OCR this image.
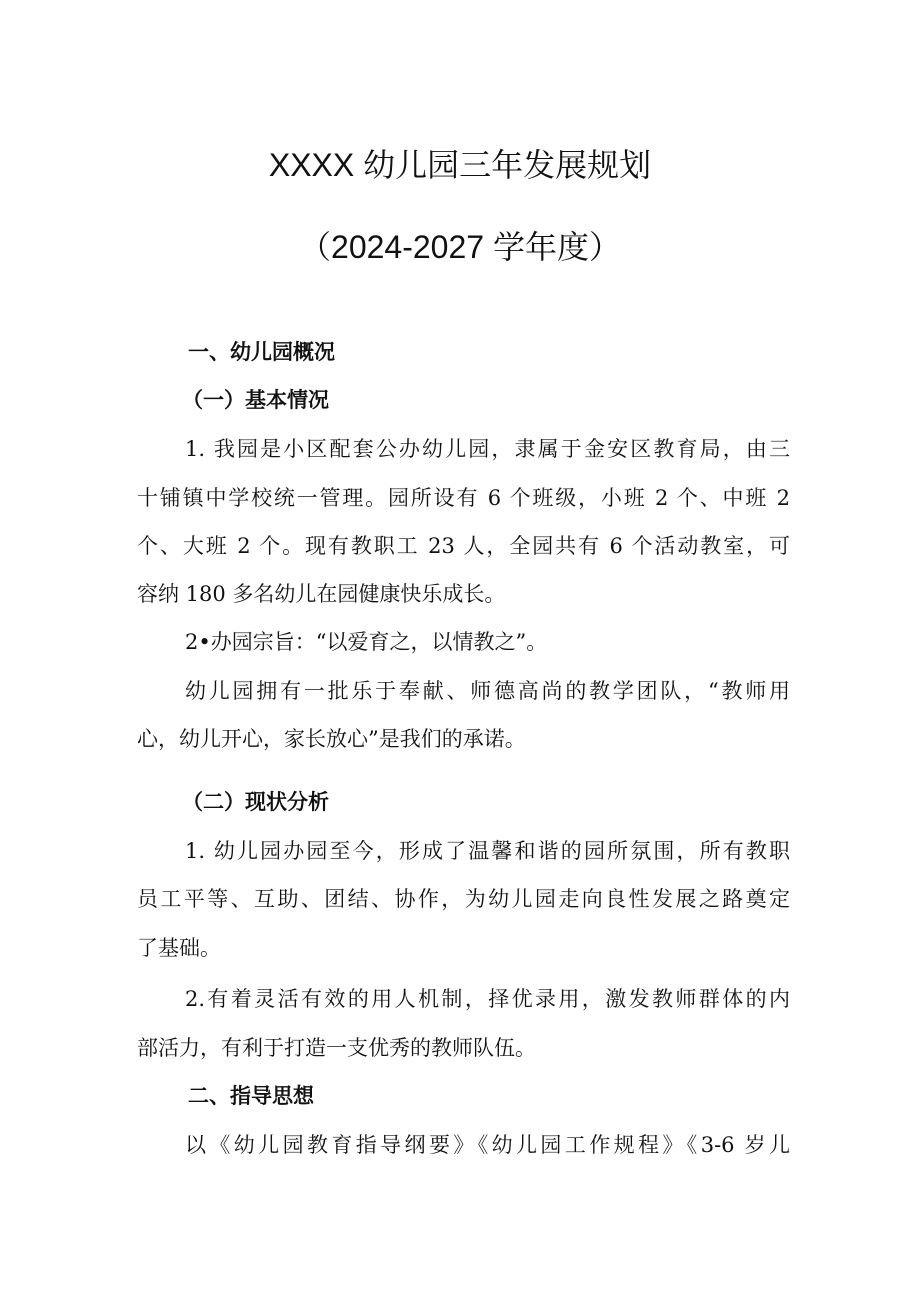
XXXX 幼儿园三年发展规划
（2024-2027 学年度）
一、幼儿园概况
（一）基本情况

1. 我园是小区配套公办幼儿园，隶属于金安区教育局，由三

十铺镇中学校统一管理。园所设有 6 个班级，小班 2 个、中班 2

个、大班 2 个。现有教职工 23 人，全园共有 6 个活动教室，可

容纳 180 多名幼儿在园健康快乐成长。

2•办园宗旨：“以爱育之，以情教之”。

幼儿园拥有一批乐于奉献、师德高尚的教学团队，“教师用

心，幼儿开心，家长放心”是我们的承诺。

（二）现状分析

1. 幼儿园办园至今，形成了温馨和谐的园所氛围，所有教职

员工平等、互助、团结、协作，为幼儿园走向良性发展之路奠定

了基础。

2.有着灵活有效的用人机制，择优录用，激发教师群体的内

部活力，有利于打造一支优秀的教师队伍。

二、指导思想

以《幼儿园教育指导纲要》《幼儿园工作规程》《3-6 岁儿
